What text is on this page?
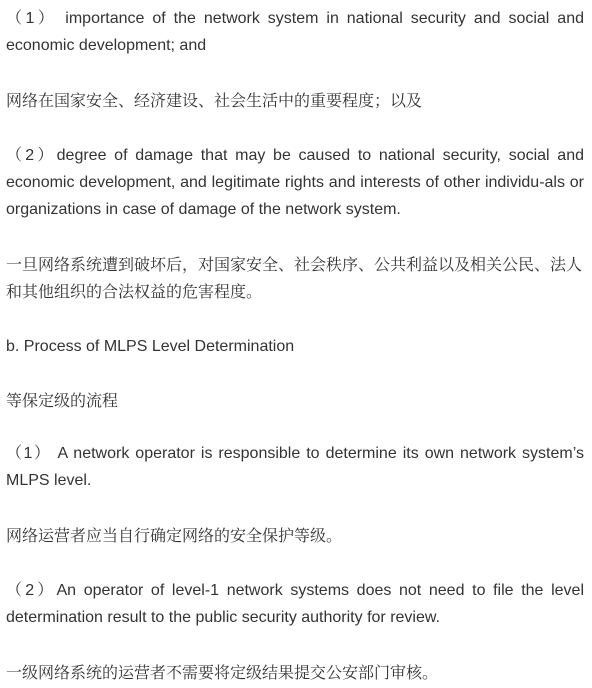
（1） importance of the network system in national security and social and economic development; and

网络在国家安全、经济建设、社会生活中的重要程度；以及

（2）degree of damage that may be caused to national security, social and economic development, and legitimate rights and interests of other individu-als or organizations in case of damage of the network system.

一旦网络系统遭到破坏后，对国家安全、社会秩序、公共利益以及相关公民、法人和其他组织的合法权益的危害程度。

b. Process of MLPS Level Determination

等保定级的流程

（1） A network operator is responsible to determine its own network system’s MLPS level.

网络运营者应当自行确定网络的安全保护等级。

（2）An operator of level-1 network systems does not need to file the level determination result to the public security authority for review.

一级网络系统的运营者不需要将定级结果提交公安部门审核。
